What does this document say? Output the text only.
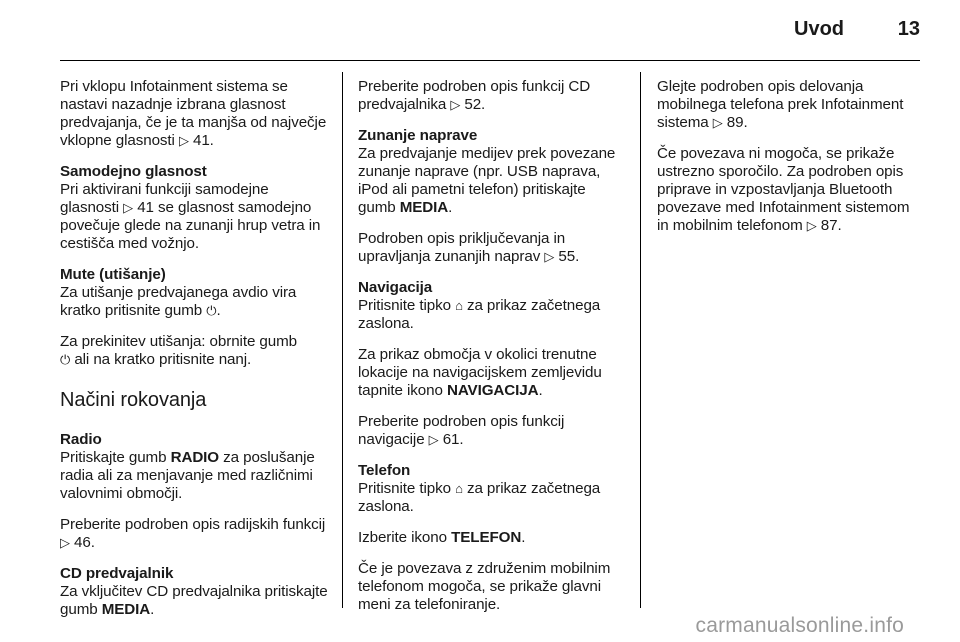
Uvod	13

Pri vklopu Infotainment sistema se nastavi nazadnje izbrana glasnost predvajanja, če je ta manjša od največje vklopne glasnosti ▷ 41.

Samodejno glasnost
Pri aktivirani funkciji samodejne glasnosti ▷ 41 se glasnost samodejno povečuje glede na zunanji hrup vetra in cestišča med vožnjo.

Mute (utišanje)
Za utišanje predvajanega avdio vira kratko pritisnite gumb ⏻.

Za prekinitev utišanja: obrnite gumb
⏻ ali na kratko pritisnite nanj.

Načini rokovanja

Radio
Pritiskajte gumb RADIO za poslušanje radia ali za menjavanje med različnimi valovnimi območji.

Preberite podroben opis radijskih funkcij ▷ 46.

CD predvajalnik
Za vključitev CD predvajalnika pritiskajte gumb MEDIA.

Preberite podroben opis funkcij CD predvajalnika ▷ 52.

Zunanje naprave
Za predvajanje medijev prek povezane zunanje naprave (npr. USB naprava, iPod ali pametni telefon) pritiskajte gumb MEDIA.

Podroben opis priključevanja in upravljanja zunanjih naprav ▷ 55.

Navigacija
Pritisnite tipko ⌂ za prikaz začetnega zaslona.

Za prikaz območja v okolici trenutne lokacije na navigacijskem zemljevidu tapnite ikono NAVIGACIJA.

Preberite podroben opis funkcij navigacije ▷ 61.

Telefon
Pritisnite tipko ⌂ za prikaz začetnega zaslona.

Izberite ikono TELEFON.

Če je povezava z združenim mobilnim telefonom mogoča, se prikaže glavni meni za telefoniranje.

Glejte podroben opis delovanja mobilnega telefona prek Infotainment sistema ▷ 89.

Če povezava ni mogoča, se prikaže ustrezno sporočilo. Za podroben opis priprave in vzpostavljanja Bluetooth povezave med Infotainment sistemom in mobilnim telefonom ▷ 87.

carmanualsonline.info
